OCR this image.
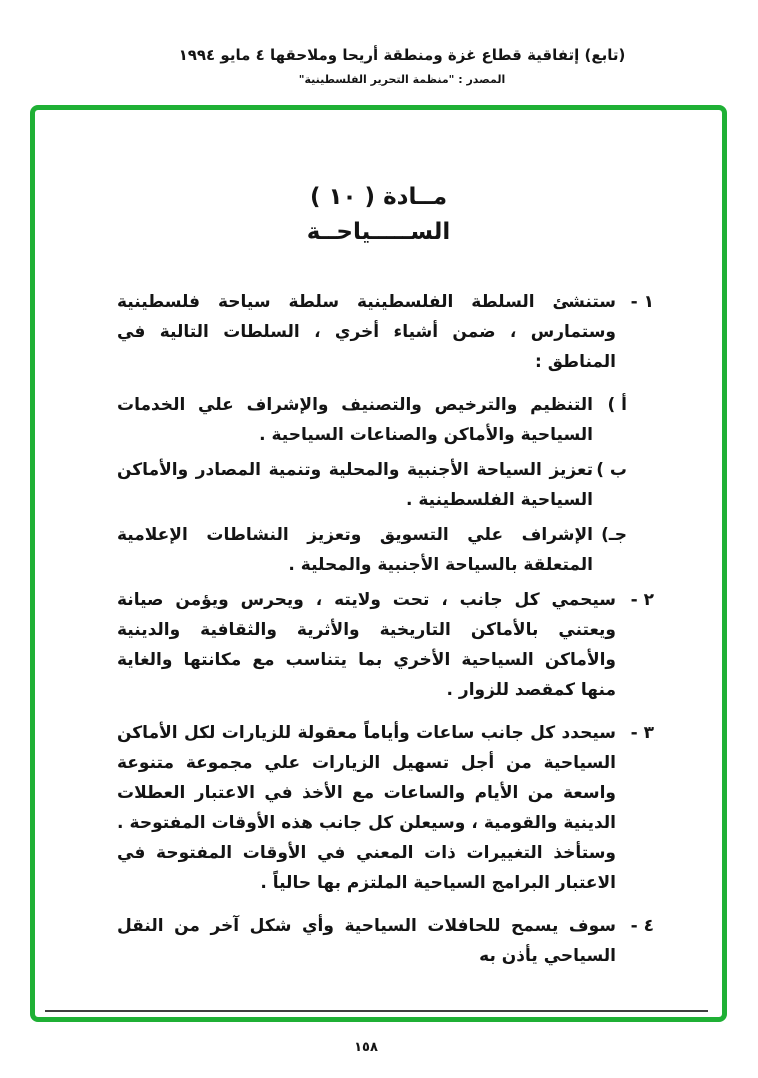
(تابع) إتفاقية قطاع غزة ومنطقة أريحا وملاحقها ٤ مايو ١٩٩٤
المصدر : "منظمة التحرير الفلسطينية"
مــادة ( ١٠ )
الســـــياحــة
١ -
ستنشئ السلطة الفلسطينية سلطة سياحة فلسطينية وستمارس ، ضمن أشياء أخري ، السلطات التالية في المناطق :
أ )
التنظيم والترخيص والتصنيف والإشراف علي الخدمات السياحية والأماكن والصناعات السياحية .
ب )
تعزيز السياحة الأجنبية والمحلية وتنمية المصادر والأماكن السياحية الفلسطينية .
جـ)
الإشراف علي التسويق وتعزيز النشاطات الإعلامية المتعلقة بالسياحة الأجنبية والمحلية .
٢ -
سيحمي كل جانب ، تحت ولايته ، ويحرس ويؤمن صيانة ويعتني بالأماكن التاريخية والأثرية والثقافية والدينية والأماكن السياحية الأخري بما يتناسب مع مكانتها والغاية منها كمقصد للزوار .
٣ -
سيحدد كل جانب ساعات وأياماً معقولة للزيارات لكل الأماكن السياحية من أجل تسهيل الزيارات علي مجموعة متنوعة واسعة من الأيام والساعات مع الأخذ في الاعتبار العطلات الدينية والقومية ، وسيعلن كل جانب هذه الأوقات المفتوحة . وستأخذ التغييرات ذات المعني في الأوقات المفتوحة في الاعتبار البرامج السياحية الملتزم بها حالياً .
٤ -
سوف يسمح للحافلات السياحية وأي شكل آخر من النقل السياحي يأذن به
١٥٨
